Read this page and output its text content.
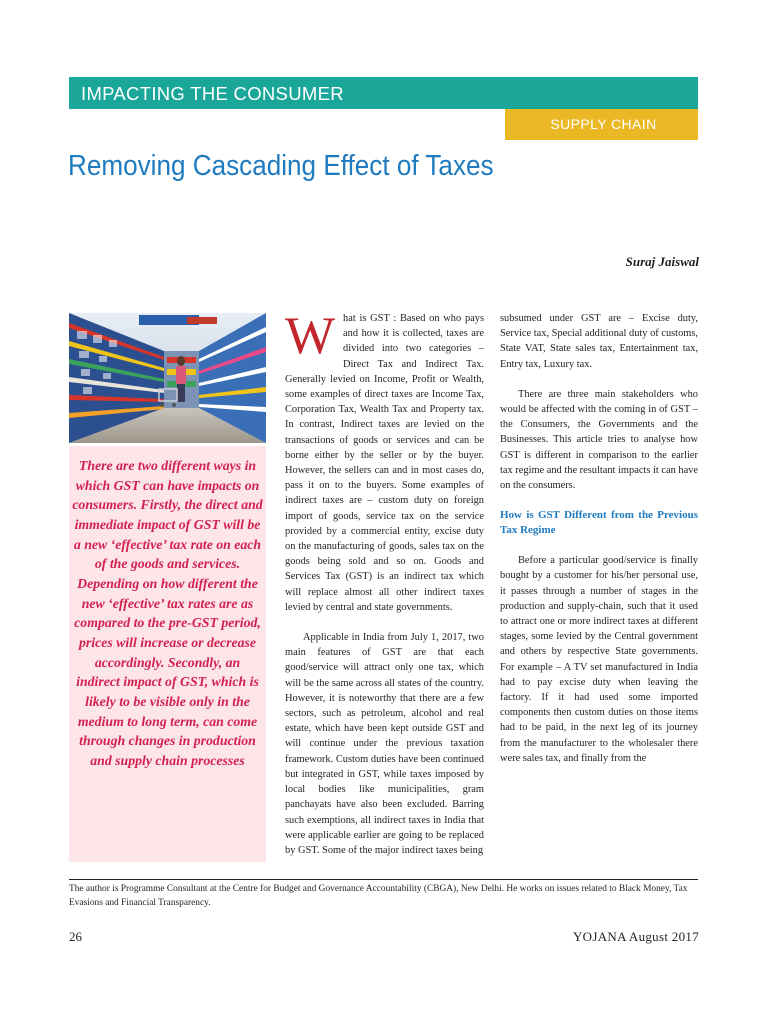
IMPACTING THE CONSUMER
SUPPLY CHAIN
Removing Cascading Effect of Taxes
Suraj Jaiswal

There are two different ways in which GST can have impacts on consumers. Firstly, the direct and immediate impact of GST will be a new ‘effective’ tax rate on each of the goods and services. Depending on how different the new ‘effective’ tax rates are as compared to the pre-GST period, prices will increase or decrease accordingly. Secondly, an indirect impact of GST, which is likely to be visible only in the medium to long term, can come through changes in production and supply chain processes

What is GST : Based on who pays and how it is collected, taxes are divided into two categories – Direct Tax and Indirect Tax. Generally levied on Income, Profit or Wealth, some examples of direct taxes are Income Tax, Corporation Tax, Wealth Tax and Property tax. In contrast, Indirect taxes are levied on the transactions of goods or services and can be borne either by the seller or by the buyer. However, the sellers can and in most cases do, pass it on to the buyers. Some examples of indirect taxes are – custom duty on foreign import of goods, service tax on the service provided by a commercial entity, excise duty on the manufacturing of goods, sales tax on the goods being sold and so on. Goods and Services Tax (GST) is an indirect tax which will replace almost all other indirect taxes levied by central and state governments.

Applicable in India from July 1, 2017, two main features of GST are that each good/service will attract only one tax, which will be the same across all states of the country. However, it is noteworthy that there are a few sectors, such as petroleum, alcohol and real estate, which have been kept outside GST and will continue under the previous taxation framework. Custom duties have been continued but integrated in GST, while taxes imposed by local bodies like municipalities, gram panchayats have also been excluded. Barring such exemptions, all indirect taxes in India that were applicable earlier are going to be replaced by GST. Some of the major indirect taxes being

subsumed under GST are – Excise duty, Service tax, Special additional duty of customs, State VAT, State sales tax, Entertainment tax, Entry tax, Luxury tax.

There are three main stakeholders who would be affected with the coming in of GST – the Consumers, the Governments and the Businesses. This article tries to analyse how GST is different in comparison to the earlier tax regime and the resultant impacts it can have on the consumers.

How is GST Different from the Previous Tax Regime

Before a particular good/service is finally bought by a customer for his/her personal use, it passes through a number of stages in the production and supply-chain, such that it used to attract one or more indirect taxes at different stages, some levied by the Central government and others by respective State governments. For example – A TV set manufactured in India had to pay excise duty when leaving the factory. If it had used some imported components then custom duties on those items had to be paid, in the next leg of its journey from the manufacturer to the wholesaler there were sales tax, and finally from the

The author is Programme Consultant at the Centre for Budget and Governance Accountability (CBGA), New Delhi. He works on issues related to Black Money, Tax Evasions and Financial Transparency.
26	YOJANA August 2017
